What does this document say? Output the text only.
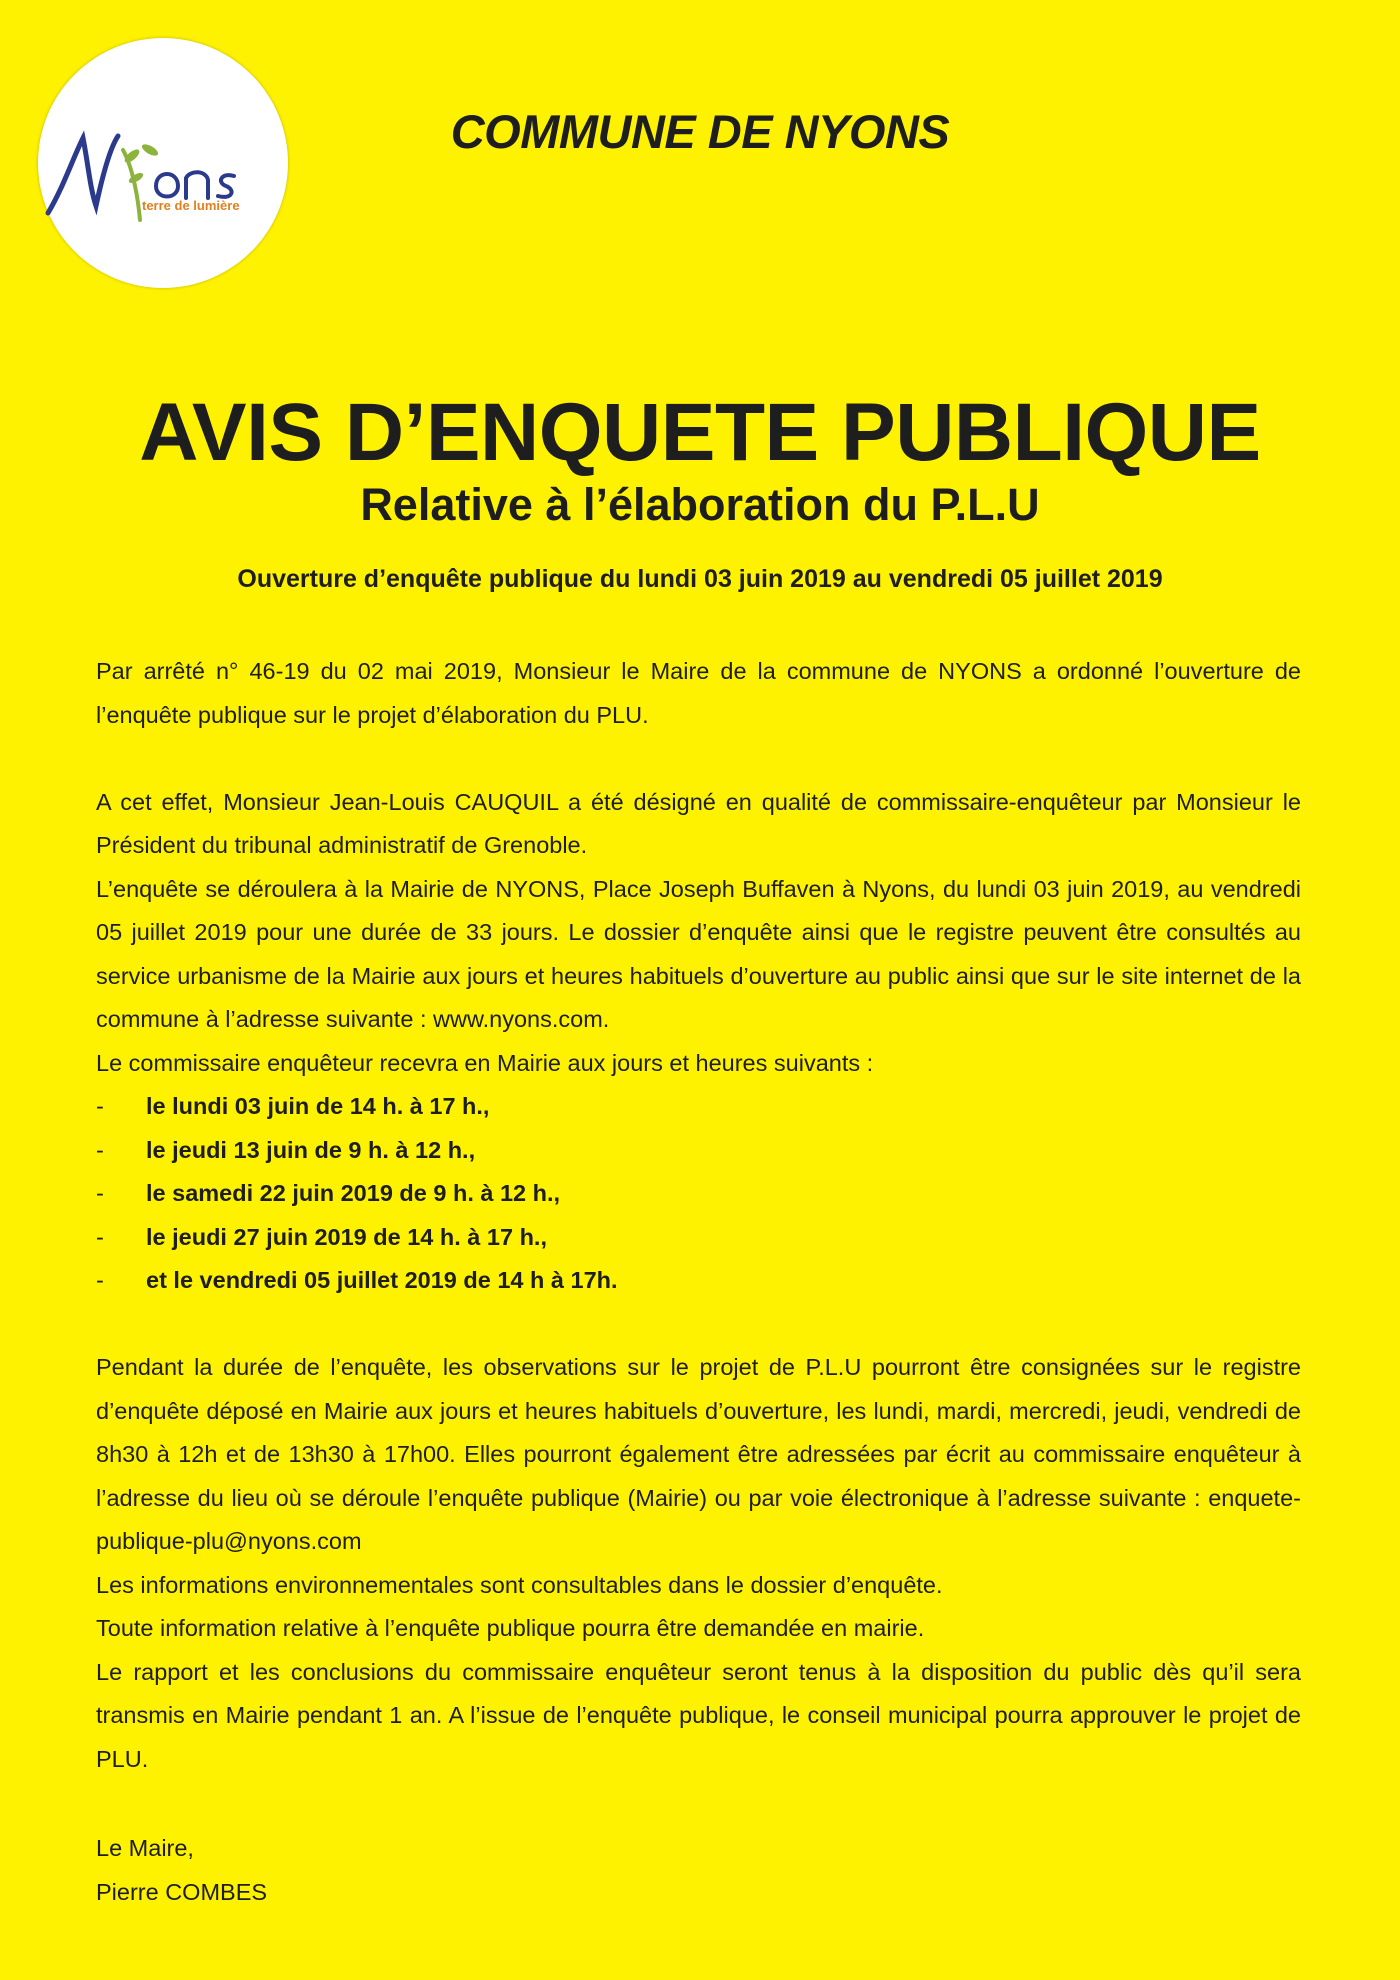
terre de lumière
COMMUNE DE NYONS
AVIS D’ENQUETE PUBLIQUE
Relative à l’élaboration du P.L.U
Ouverture d’enquête publique du lundi 03 juin 2019 au vendredi 05 juillet 2019

Par arrêté n° 46-19 du 02 mai 2019, Monsieur le Maire de la commune de NYONS a ordonné l’ouverture de l’enquête publique sur le projet d’élaboration du PLU.

A cet effet, Monsieur Jean-Louis CAUQUIL a été désigné en qualité de commissaire-enquêteur par Monsieur le Président du tribunal administratif de Grenoble.

L’enquête se déroulera à la Mairie de NYONS, Place Joseph Buffaven à Nyons, du lundi 03 juin 2019, au vendredi 05 juillet 2019 pour une durée de 33 jours. Le dossier d’enquête ainsi que le registre peuvent être consultés au service urbanisme de la Mairie aux jours et heures habituels d’ouverture au public ainsi que sur le site internet de la commune à l’adresse suivante : www.nyons.com.

Le commissaire enquêteur recevra en Mairie aux jours et heures suivants :

- le lundi 03 juin de 14 h. à 17 h.,
- le jeudi 13 juin de 9 h. à 12 h.,
- le samedi 22 juin 2019 de 9 h. à 12 h.,
- le jeudi 27 juin 2019 de 14 h. à 17 h.,
- et le vendredi 05 juillet 2019 de 14 h à 17h.

Pendant la durée de l’enquête, les observations sur le projet de P.L.U pourront être consignées sur le registre d’enquête déposé en Mairie aux jours et heures habituels d’ouverture, les lundi, mardi, mercredi, jeudi, vendredi de 8h30 à 12h et de 13h30 à 17h00. Elles pourront également être adressées par écrit au commissaire enquêteur à l’adresse du lieu où se déroule l’enquête publique (Mairie) ou par voie électronique à l’adresse suivante : enquete-publique-plu@nyons.com

Les informations environnementales sont consultables dans le dossier d’enquête.

Toute information relative à l’enquête publique pourra être demandée en mairie.

Le rapport et les conclusions du commissaire enquêteur seront tenus à la disposition du public dès qu’il sera transmis en Mairie pendant 1 an. A l’issue de l’enquête publique, le conseil municipal pourra approuver le projet de PLU.

Le Maire,
Pierre COMBES
